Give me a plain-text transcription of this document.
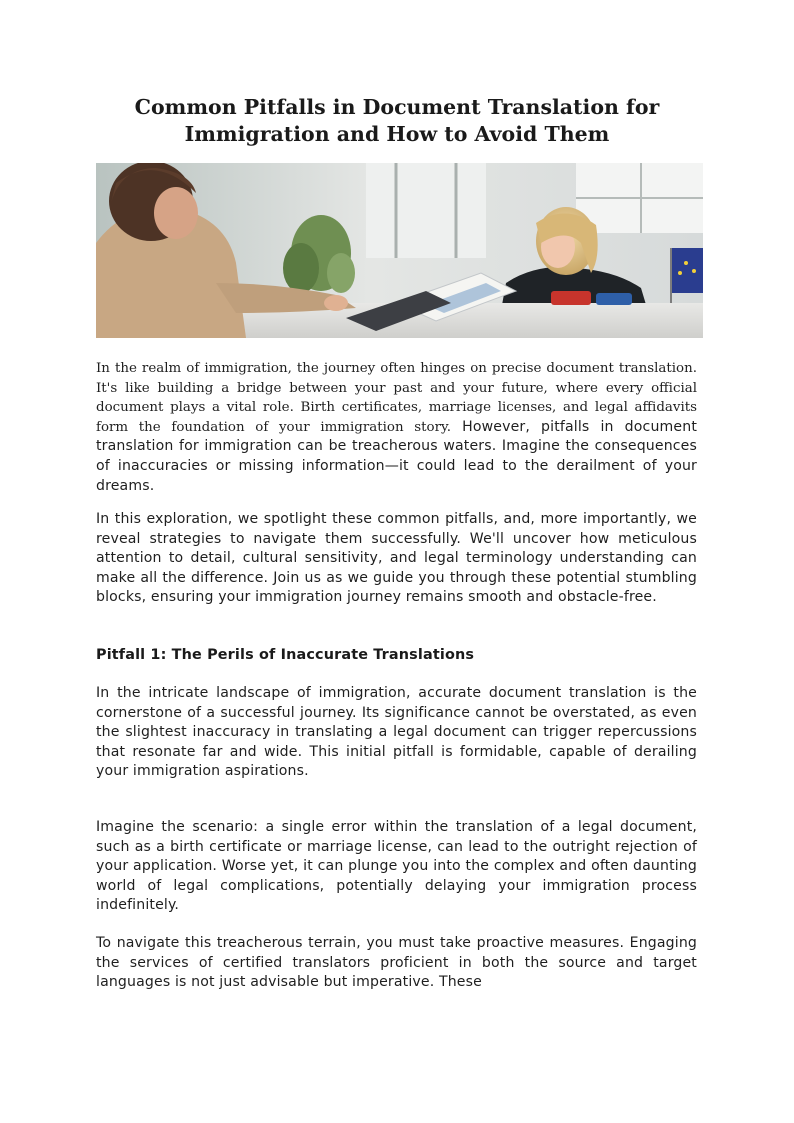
Common Pitfalls in Document Translation for Immigration and How to Avoid Them

In the realm of immigration, the journey often hinges on precise document translation. It's like building a bridge between your past and your future, where every official document plays a vital role. Birth certificates, marriage licenses, and legal affidavits form the foundation of your immigration story. However, pitfalls in document translation for immigration can be treacherous waters. Imagine the consequences of inaccuracies or missing information—it could lead to the derailment of your dreams.

In this exploration, we spotlight these common pitfalls, and, more importantly, we reveal strategies to navigate them successfully. We'll uncover how meticulous attention to detail, cultural sensitivity, and legal terminology understanding can make all the difference. Join us as we guide you through these potential stumbling blocks, ensuring your immigration journey remains smooth and obstacle-free.

Pitfall 1: The Perils of Inaccurate Translations

In the intricate landscape of immigration, accurate document translation is the cornerstone of a successful journey. Its significance cannot be overstated, as even the slightest inaccuracy in translating a legal document can trigger repercussions that resonate far and wide. This initial pitfall is formidable, capable of derailing your immigration aspirations.

Imagine the scenario: a single error within the translation of a legal document, such as a birth certificate or marriage license, can lead to the outright rejection of your application. Worse yet, it can plunge you into the complex and often daunting world of legal complications, potentially delaying your immigration process indefinitely.

To navigate this treacherous terrain, you must take proactive measures. Engaging the services of certified translators proficient in both the source and target languages is not just advisable but imperative. These
